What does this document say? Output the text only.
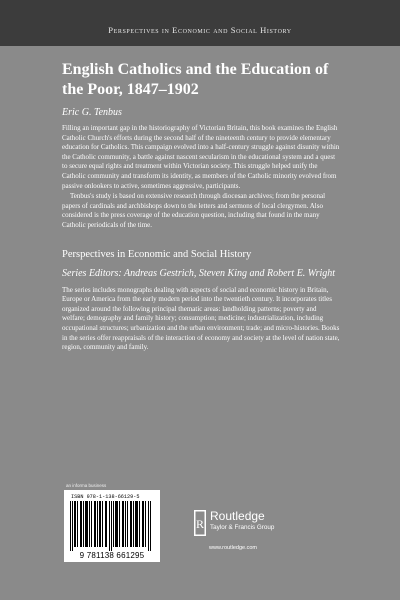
Perspectives in Economic and Social History
English Catholics and the Education of the Poor, 1847–1902
Eric G. Tenbus
Filling an important gap in the historiography of Victorian Britain, this book examines the English Catholic Church's efforts during the second half of the nineteenth century to provide elementary education for Catholics. This campaign evolved into a half-century struggle against disunity within the Catholic community, a battle against nascent secularism in the educational system and a quest to secure equal rights and treatment within Victorian society. This struggle helped unify the Catholic community and transform its identity, as members of the Catholic minority evolved from passive onlookers to active, sometimes aggressive, participants.
Tenbus's study is based on extensive research through diocesan archives; from the personal papers of cardinals and archbishops down to the letters and sermons of local clergymen. Also considered is the press coverage of the education question, including that found in the many Catholic periodicals of the time.
Perspectives in Economic and Social History
Series Editors: Andreas Gestrich, Steven King and Robert E. Wright
The series includes monographs dealing with aspects of social and economic history in Britain, Europe or America from the early modern period into the twentieth century. It incorporates titles organized around the following principal thematic areas: landholding patterns; poverty and welfare; demography and family history; consumption; medicine; industrialization, including occupational structures; urbanization and the urban environment; trade; and micro-histories. Books in the series offer reappraisals of the interaction of economy and society at the level of nation state, region, community and family.
an informa business
ISBN 978-1-138-66129-5
9 781138 661295
R
Routledge
Taylor & Francis Group
www.routledge.com
